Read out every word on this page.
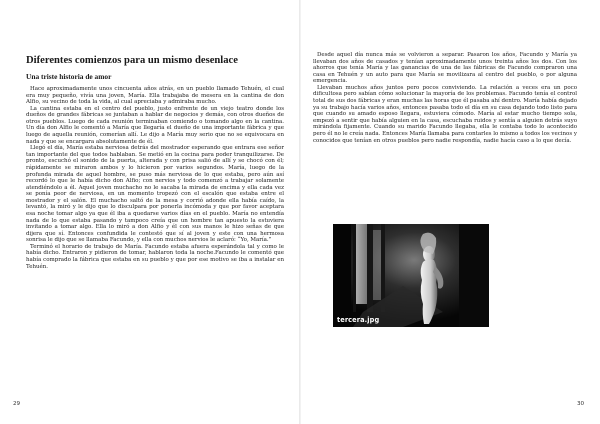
Diferentes comienzos para un mismo desenlace
Una triste historia de amor

Hace aproximadamente unos cincuenta años atrás, en un pueblo llamado Tehuén, el cual era muy pequeño, vivía una joven, María. Ella trabajaba de mesera en la cantina de don Alfio, su vecino de toda la vida, al cual apreciaba y admiraba mucho.

La cantina estaba en el centro del pueblo, justo enfrente de un viejo teatro donde los dueños de grandes fábricas se juntaban a hablar de negocios y demás, con otros dueños de otros pueblos. Luego de cada reunión terminaban comiendo o tomando algo en la cantina. Un día don Alfio le comentó a María que llegaría el dueño de una importante fábrica y que luego de aquella reunión, comerían allí. Le dijo a María muy serio que no se equivocara en nada y que se encargara absolutamente de él.

Llegó el día, María estaba nerviosa detrás del mostrador esperando que entrara ese señor tan importante del que todos hablaban. Se metió en la cocina para poder tranquilizarse. De pronto, escuchó el sonido de la puerta, alterada y con prisa salió de allí y se chocó con él; rápidamente se miraron ambos y lo hicieron por varios segundos. María, luego de la profunda mirada de aquel hombre, se puso más nerviosa de lo que estaba, pero aún así recordó lo que le había dicho don Alfio; con nervios y todo comenzó a trabajar solamente atendiéndolo a él. Aquel joven muchacho no le sacaba la mirada de encima y ella cada vez se ponía peor de nerviosa, en un momento tropezó con el escalón que estaba entre el mostrador y el salón. El muchacho saltó de la mesa y corrió adonde ella había caído, la levantó, la miró y le dijo que lo disculpara por ponerla incómoda y que por favor aceptara esa noche tomar algo ya que él iba a quedarse varios días en el pueblo. María no entendía nada de lo que estaba pasando y tampoco creía que un hombre tan apuesto la estuviera invitando a tomar algo. Ella lo miró a don Alfio y él con sus manos le hizo señas de que dijera que sí. Entonces confundida le contestó que sí al joven y este con una hermosa sonrisa le dijo que se llamaba Facundo, y ella con muchos nervios le aclaró: “Yo, María.”

Terminó el horario de trabajo de María. Facundo estaba afuera esperándola tal y como le había dicho. Entraron y pidieron de tomar, hablaron toda la noche.Facundo le comentó que había comprado la fábrica que estaba en su pueblo y que por ese motivo se iba a instalar en Tehuén.

29

Desde aquel día nunca más se volvieron a separar. Pasaron los años, Facundo y María ya llevaban dos años de casados y tenían aproximadamente unos treinta años los dos. Con los ahorros que tenía María y las ganancias de una de las fábricas de Facundo compraron una casa en Tehuén y un auto para que María se movilizara al centro del pueblo, o por alguna emergencia.

Llevaban muchos años juntos pero pocos conviviendo. La relación a veces era un poco dificultosa pero sabían cómo solucionar la mayoría de los problemas. Facundo tenía el control total de sus dos fábricas y eran muchas las horas que él pasaba ahí dentro. María había dejado ya su trabajo hacía varios años, entonces pasaba todo el día en su casa dejando todo listo para que cuando su amado esposo llegara, estuviera cómodo. María al estar mucho tiempo sola, empezó a sentir que había alguien en la casa, escuchaba ruidos y sentía a alguien detrás suyo mirándola fijamente. Cuando su marido Facundo llegaba, ella le contaba todo lo acontecido pero él no le creía nada. Entonces María llamaba para contarles lo mismo a todos los vecinos y conocidos que tenían en otros pueblos pero nadie respondía, nadie hacía caso a lo que decía.

30
tercera.jpg
